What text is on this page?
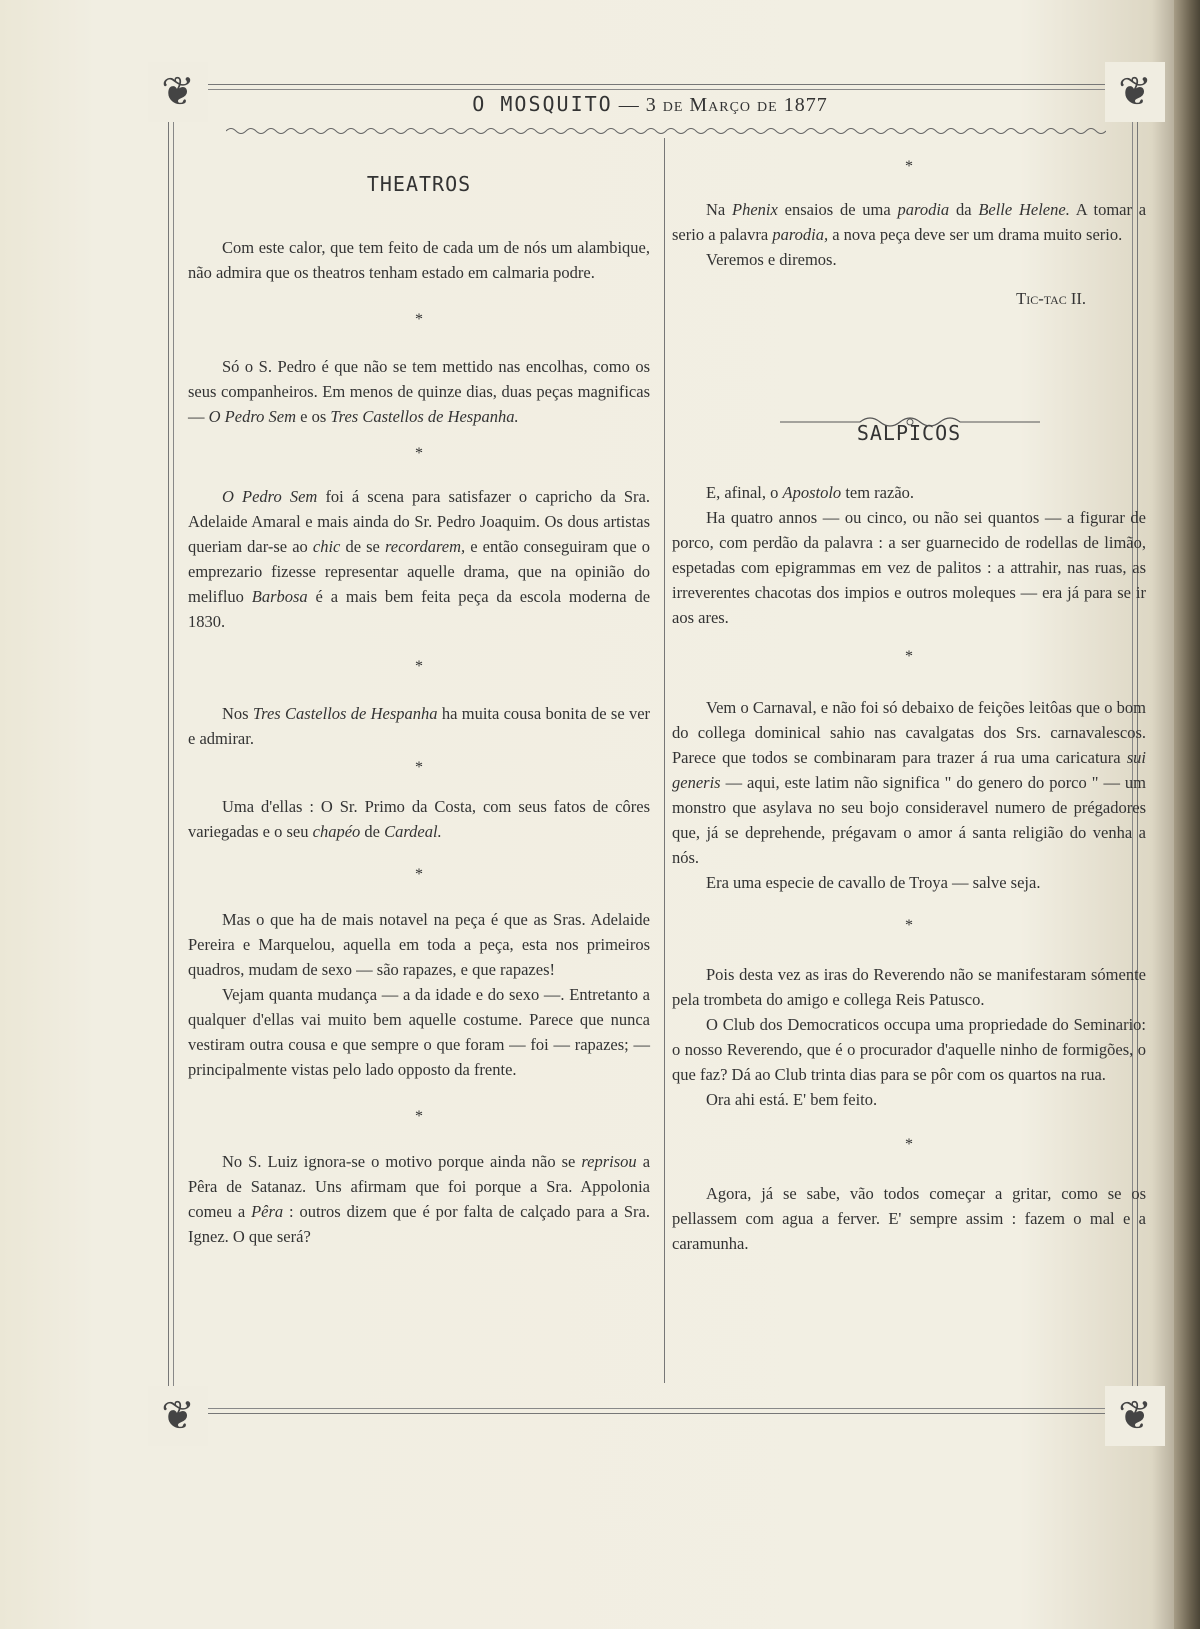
❦	❦
❦	❦
O MOSQUITO — 3 de Março de 1877

THEATROS

Com este calor, que tem feito de cada um de nós um alambique, não admira que os theatros tenham estado em calmaria podre.

*

Só o S. Pedro é que não se tem mettido nas encolhas, como os seus companheiros. Em menos de quinze dias, duas peças magnificas — O Pedro Sem e os Tres Castellos de Hespanha.

*

O Pedro Sem foi á scena para satisfazer o capricho da Sra. Adelaide Amaral e mais ainda do Sr. Pedro Joaquim. Os dous artistas queriam dar-se ao chic de se recordarem, e então conseguiram que o emprezario fizesse representar aquelle drama, que na opinião do melifluo Barbosa é a mais bem feita peça da escola moderna de 1830.

*

Nos Tres Castellos de Hespanha ha muita cousa bonita de se ver e admirar.

*

Uma d'ellas : O Sr. Primo da Costa, com seus fatos de côres variegadas e o seu chapéo de Cardeal.

*

Mas o que ha de mais notavel na peça é que as Sras. Adelaide Pereira e Marquelou, aquella em toda a peça, esta nos primeiros quadros, mudam de sexo — são rapazes, e que rapazes!

Vejam quanta mudança — a da idade e do sexo —. Entretanto a qualquer d'ellas vai muito bem aquelle costume. Parece que nunca vestiram outra cousa e que sempre o que foram — foi — rapazes; — principalmente vistas pelo lado opposto da frente.

*

No S. Luiz ignora-se o motivo porque ainda não se reprisou a Pêra de Satanaz. Uns afirmam que foi porque a Sra. Appolonia comeu a Pêra : outros dizem que é por falta de calçado para a Sra. Ignez. O que será?

*

Na Phenix ensaios de uma parodia da Belle Helene. A tomar a serio a palavra parodia, a nova peça deve ser um drama muito serio.

Veremos e diremos.

Tic-tac II.

SALPICOS

E, afinal, o Apostolo tem razão.

Ha quatro annos — ou cinco, ou não sei quantos — a figurar de porco, com perdão da palavra : a ser guarnecido de rodellas de limão, espetadas com epigrammas em vez de palitos : a attrahir, nas ruas, as irreverentes chacotas dos impios e outros moleques — era já para se ir aos ares.

*

Vem o Carnaval, e não foi só debaixo de feições leitôas que o bom do collega dominical sahio nas cavalgatas dos Srs. carnavalescos. Parece que todos se combinaram para trazer á rua uma caricatura sui generis — aqui, este latim não significa " do genero do porco " — um monstro que asylava no seu bojo consideravel numero de prégadores que, já se deprehende, prégavam o amor á santa religião do venha a nós.

Era uma especie de cavallo de Troya — salve seja.

*

Pois desta vez as iras do Reverendo não se manifestaram sómente pela trombeta do amigo e collega Reis Patusco.

O Club dos Democraticos occupa uma propriedade do Seminario: o nosso Reverendo, que é o procurador d'aquelle ninho de formigões, o que faz? Dá ao Club trinta dias para se pôr com os quartos na rua.

Ora ahi está. E' bem feito.

*

Agora, já se sabe, vão todos começar a gritar, como se os pellassem com agua a ferver. E' sempre assim : fazem o mal e a caramunha.
